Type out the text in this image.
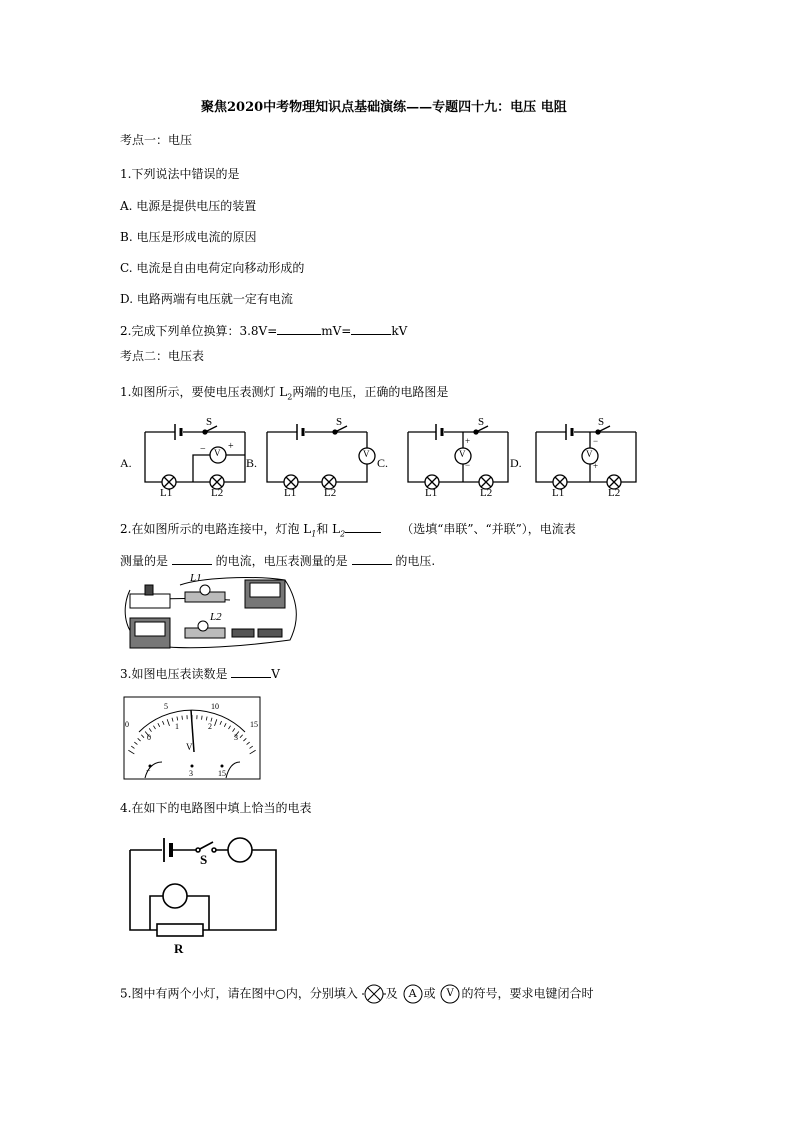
聚焦2020中考物理知识点基础演练——专题四十九：电压 电阻
考点一：电压
1.下列说法中错误的是
A. 电源是提供电压的装置
B. 电压是形成电流的原因
C. 电流是自由电荷定向移动形成的
D. 电路两端有电压就一定有电流
2.完成下列单位换算：3.8V=	mV=	kV
考点二：电压表
1.如图所示，要使电压表测灯 $L_2$两端的电压，正确的电路图是
A.	B.	C.	D.
S	S	S	S
V	V	V	V
+
−
+
−
−
+
L1	L2	L1	L2	L1	L2	L1	L2
2.在如图所示的电路连接中，灯泡 $L_1$和 $L_2$	（选填“串联”、“并联”），电流表
测量的是	的电流，电压表测量的是	的电压.
L1
L2
3.如图电压表读数是	V
0
5	10
15
0
1	2
3
V
−	3	15
4.在如下的电路图中填上恰当的电表
S
R
5.图中有两个小灯，请在图中○内，分别填入 及 A 或 V 的符号，要求电键闭合时
